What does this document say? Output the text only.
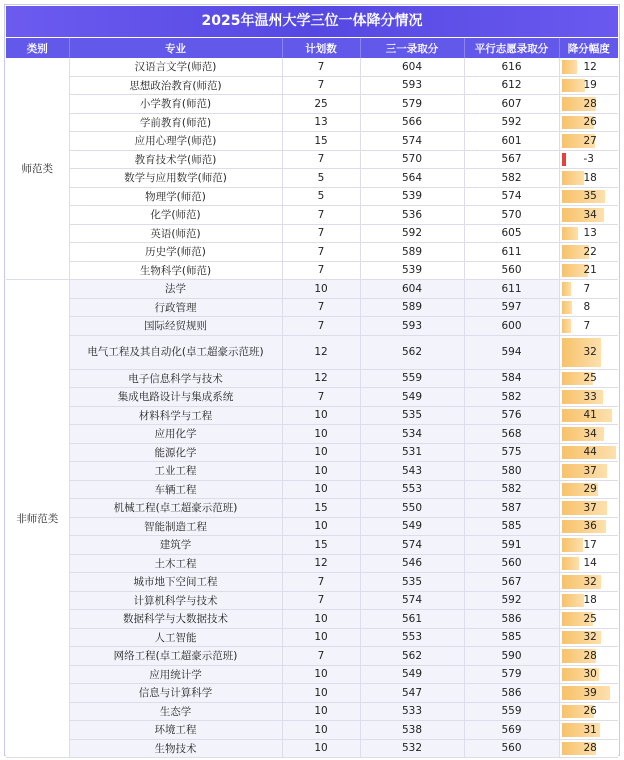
2025年温州大学三位一体降分情况
类别	专业	计划数	三一录取分	平行志愿录取分	降分幅度
师范类	汉语言文学(师范)	7	604	616	12

	思想政治教育(师范)	7	593	612	19

	小学教育(师范)	25	579	607	28

	学前教育(师范)	13	566	592	26

	应用心理学(师范)	15	574	601	27

	教育技术学(师范)	7	570	567	-3

	数学与应用数学(师范)	5	564	582	18

	物理学(师范)	5	539	574	35

	化学(师范)	7	536	570	34

	英语(师范)	7	592	605	13

	历史学(师范)	7	589	611	22

	生物科学(师范)	7	539	560	21

非师范类	法学	10	604	611	7

	行政管理	7	589	597	8

	国际经贸规则	7	593	600	7

	电气工程及其自动化(卓工超豪示范班)	12	562	594	32

	电子信息科学与技术	12	559	584	25

	集成电路设计与集成系统	7	549	582	33

	材料科学与工程	10	535	576	41

	应用化学	10	534	568	34

	能源化学	10	531	575	44

	工业工程	10	543	580	37

	车辆工程	10	553	582	29

	机械工程(卓工超豪示范班)	15	550	587	37

	智能制造工程	10	549	585	36

	建筑学	15	574	591	17

	土木工程	12	546	560	14

	城市地下空间工程	7	535	567	32

	计算机科学与技术	7	574	592	18

	数据科学与大数据技术	10	561	586	25

	人工智能	10	553	585	32

	网络工程(卓工超豪示范班)	7	562	590	28

	应用统计学	10	549	579	30

	信息与计算科学	10	547	586	39

	生态学	10	533	559	26

	环境工程	10	538	569	31

	生物技术	10	532	560	28
